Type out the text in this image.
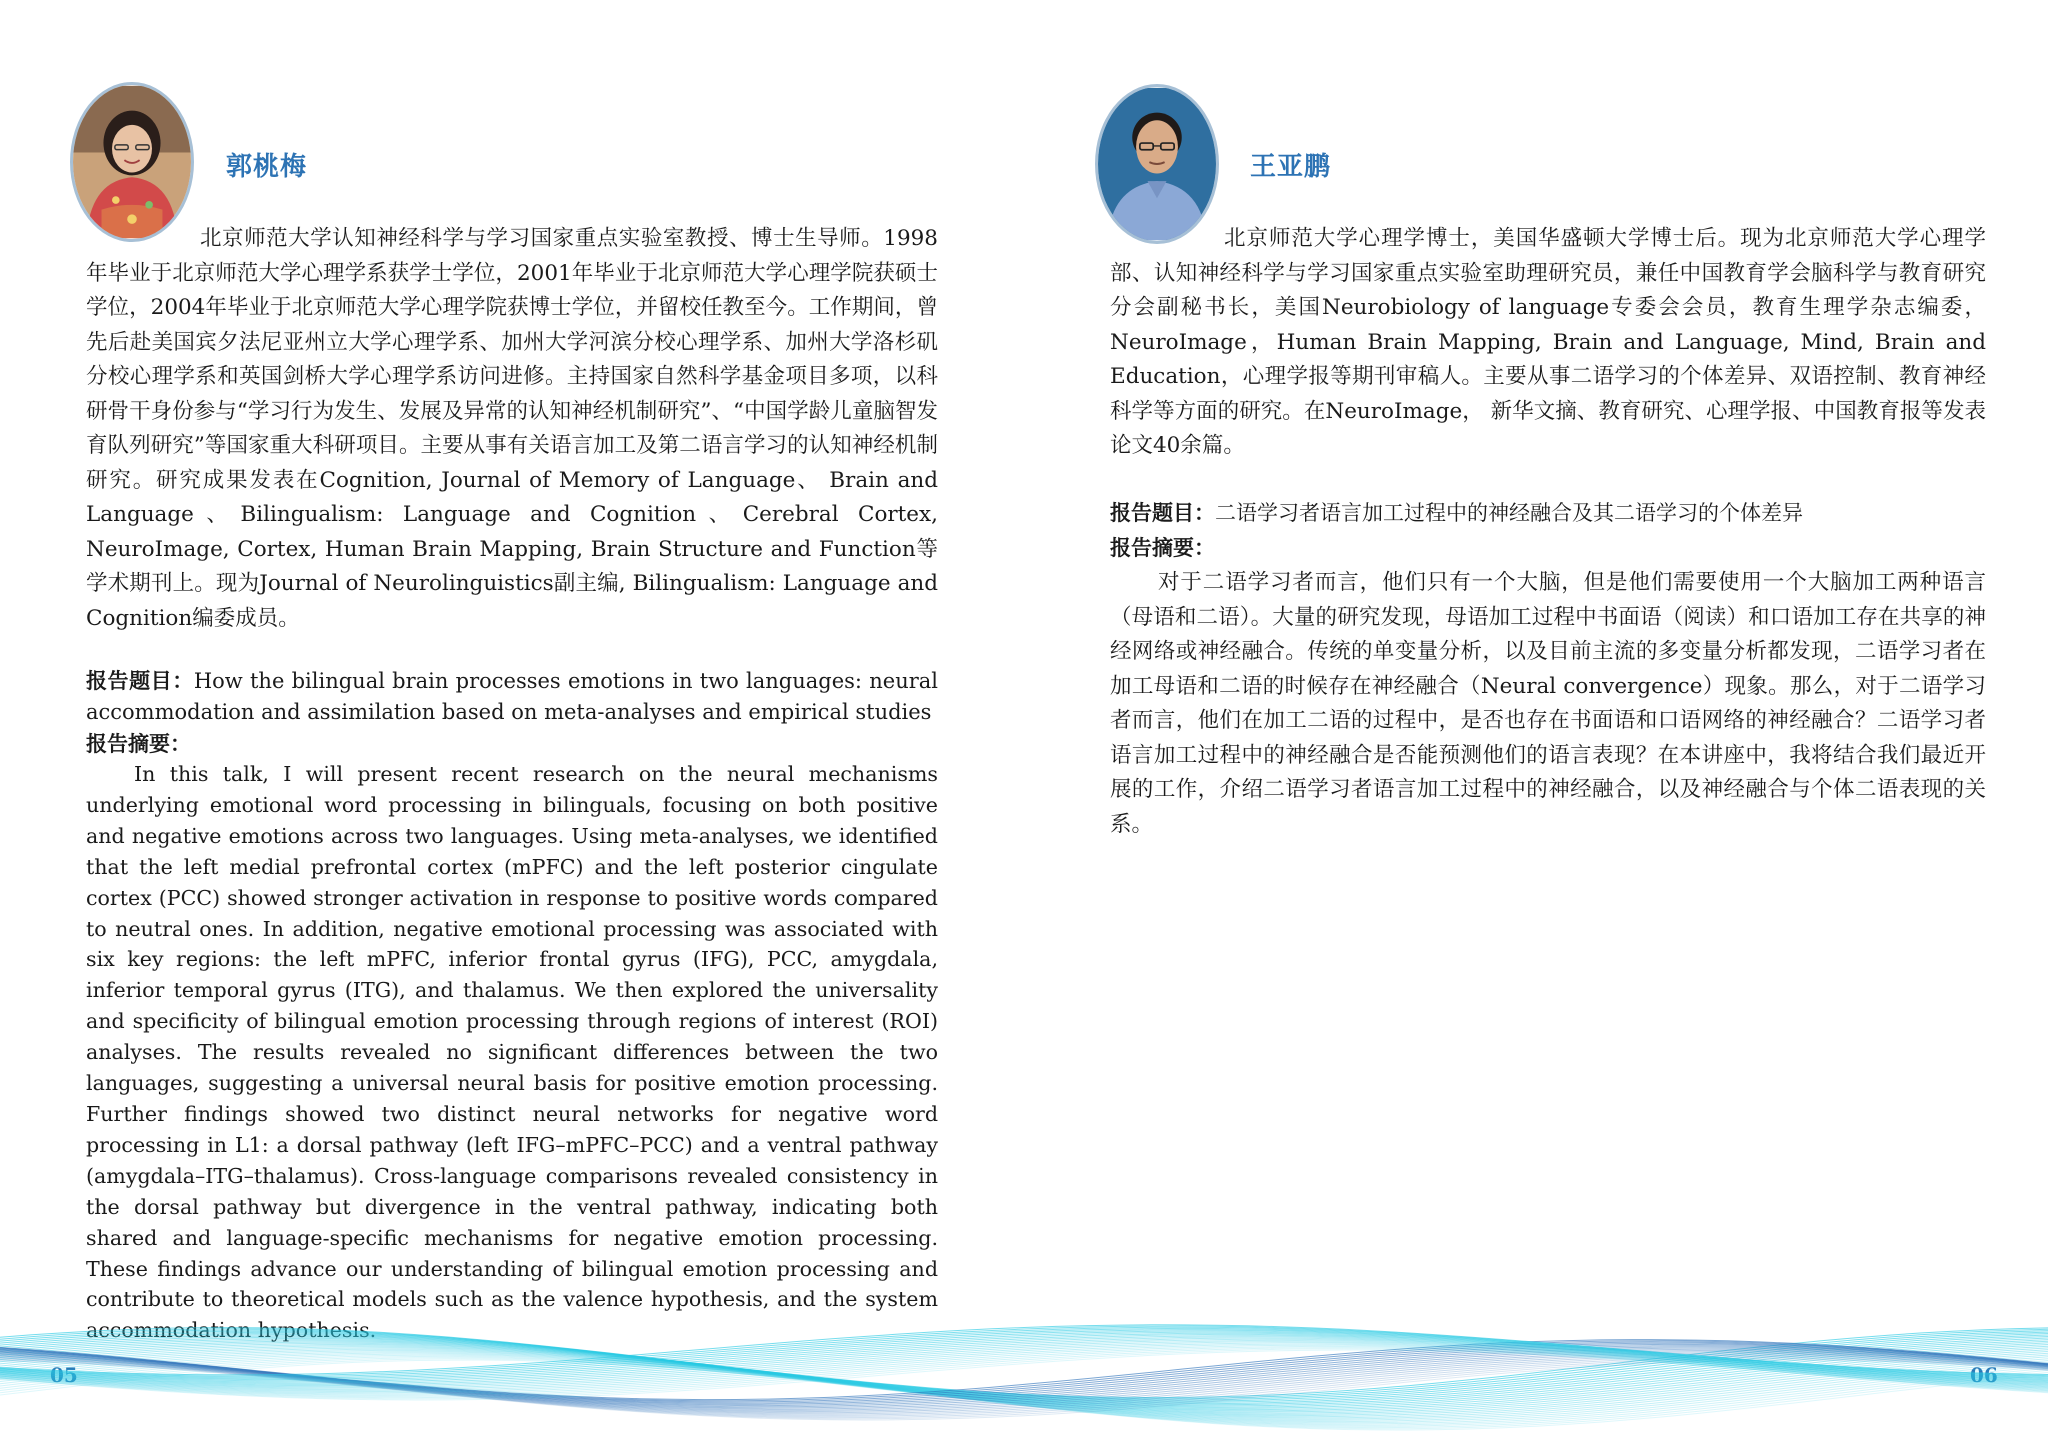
郭桃梅

北京师范大学认知神经科学与学习国家重点实验室教授、博士生导师。1998年毕业于北京师范大学心理学系获学士学位，2001年毕业于北京师范大学心理学院获硕士学位，2004年毕业于北京师范大学心理学院获博士学位，并留校任教至今。工作期间，曾先后赴美国宾夕法尼亚州立大学心理学系、加州大学河滨分校心理学系、加州大学洛杉矶分校心理学系和英国剑桥大学心理学系访问进修。主持国家自然科学基金项目多项，以科研骨干身份参与“学习行为发生、发展及异常的认知神经机制研究”、“中国学龄儿童脑智发育队列研究”等国家重大科研项目。主要从事有关语言加工及第二语言学习的认知神经机制研究。研究成果发表在Cognition, Journal of Memory of Language、 Brain and Language、Bilingualism: Language and Cognition、Cerebral Cortex, NeuroImage, Cortex, Human Brain Mapping, Brain Structure and Function等学术期刊上。现为Journal of Neurolinguistics副主编, Bilingualism: Language and Cognition编委成员。

报告题目：How the bilingual brain processes emotions in two languages: neural accommodation and assimilation based on meta-analyses and empirical studies

报告摘要：

In this talk, I will present recent research on the neural mechanisms underlying emotional word processing in bilinguals, focusing on both positive and negative emotions across two languages. Using meta-analyses, we identified that the left medial prefrontal cortex (mPFC) and the left posterior cingulate cortex (PCC) showed stronger activation in response to positive words compared to neutral ones. In addition, negative emotional processing was associated with six key regions: the left mPFC, inferior frontal gyrus (IFG), PCC, amygdala, inferior temporal gyrus (ITG), and thalamus. We then explored the universality and specificity of bilingual emotion processing through regions of interest (ROI) analyses. The results revealed no significant differences between the two languages, suggesting a universal neural basis for positive emotion processing. Further findings showed two distinct neural networks for negative word processing in L1: a dorsal pathway (left IFG–mPFC–PCC) and a ventral pathway (amygdala–ITG–thalamus). Cross-language comparisons revealed consistency in the dorsal pathway but divergence in the ventral pathway, indicating both shared and language-specific mechanisms for negative emotion processing. These findings advance our understanding of bilingual emotion processing and contribute to theoretical models such as the valence hypothesis, and the system accommodation hypothesis.

05
王亚鹏

北京师范大学心理学博士，美国华盛顿大学博士后。现为北京师范大学心理学部、认知神经科学与学习国家重点实验室助理研究员，兼任中国教育学会脑科学与教育研究分会副秘书长，美国Neurobiology of language专委会会员，教育生理学杂志编委，NeuroImage，Human Brain Mapping, Brain and Language, Mind, Brain and Education，心理学报等期刊审稿人。主要从事二语学习的个体差异、双语控制、教育神经科学等方面的研究。在NeuroImage， 新华文摘、教育研究、心理学报、中国教育报等发表论文40余篇。

报告题目：二语学习者语言加工过程中的神经融合及其二语学习的个体差异

报告摘要：

对于二语学习者而言，他们只有一个大脑，但是他们需要使用一个大脑加工两种语言（母语和二语）。大量的研究发现，母语加工过程中书面语（阅读）和口语加工存在共享的神经网络或神经融合。传统的单变量分析，以及目前主流的多变量分析都发现，二语学习者在加工母语和二语的时候存在神经融合（Neural convergence）现象。那么，对于二语学习者而言，他们在加工二语的过程中，是否也存在书面语和口语网络的神经融合？二语学习者语言加工过程中的神经融合是否能预测他们的语言表现？在本讲座中，我将结合我们最近开展的工作，介绍二语学习者语言加工过程中的神经融合，以及神经融合与个体二语表现的关系。

06
